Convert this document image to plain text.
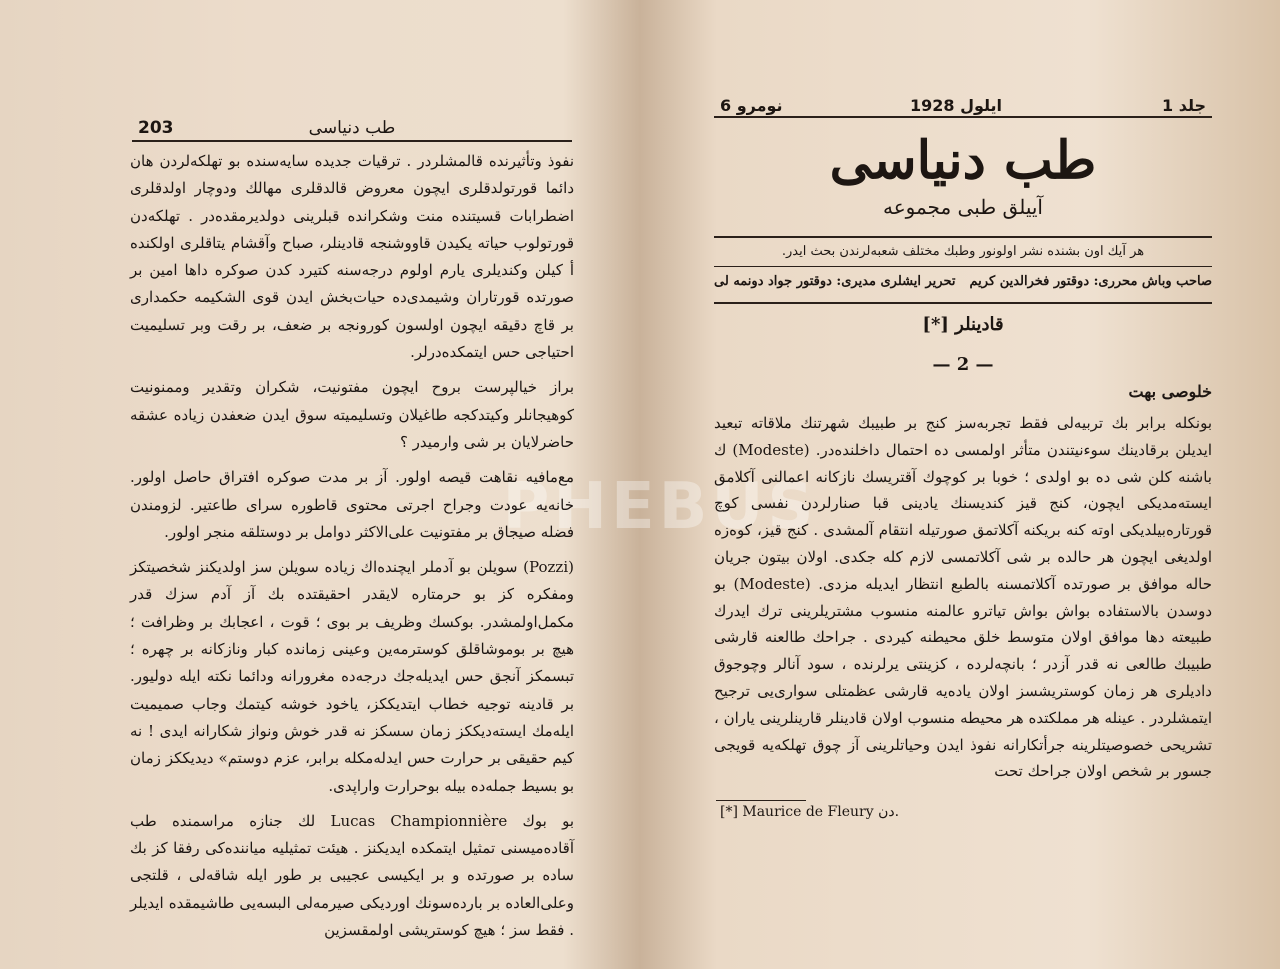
PHEBUS
203	طب دنیاسی

نفوذ وتأثیرنده قالمشلردر . ترقیات جدیده سایه‌سنده بو تهلکه‌لردن هان دائما قورتولدقلری ایچون معروض قالدقلری مهالك ودوچار اولدقلری اضطرابات قسیتنده منت وشکرانده قبلرینی دولدیرمقده‌در . تهلکه‌دن قورتولوب حیاته یکیدن قاووشنجه قادینلر، صباح وآقشام یتاقلری اولکنده أ کیلن وکندیلری یارم اولوم درجه‌سنه کتیرد کدن صوکره داها امین بر صورتده قورتاران وشیمدی‌ده حیات‌بخش ایدن قوی الشکیمه حکمداری بر قاچ دقیقه ایچون اولسون کورونجه بر ضعف، بر رقت وبر تسلیمیت احتیاجی حس ایتمکده‌درلر.

براز خیالپرست بروح ایچون مفتونیت، شکران وتقدیر وممنونیت کوهیجانلر وکیتدکجه طاغیلان وتسلیمیته سوق ایدن ضعفدن زیاده عشقه حاضرلایان بر شی وارمیدر ؟

مع‌مافیه نقاهت قیصه اولور. آز بر مدت صوکره افتراق حاصل اولور. خانه‌یه عودت وجراح اجرتی محتوی قاطوره سرای طاعتیر. لزومندن فضله صیجاق بر مفتونیت علی‌الاکثر دوامل بر دوستلقه منجر اولور.

(Pozzi) سویلن بو آدملر ایچنده‌اك زیاده سویلن سز اولدیکنز شخصیتکز ومفکره کز بو حرمتاره لایقدر احقیقتده بك آز آدم سزك قدر مکمل‌اولمشدر. بوکسك وظریف بر بوی ؛ قوت ، اعجابك بر وظرافت ؛ هیچ بر بوموشاقلق کوسترمه‌ین وعینی زمانده کبار ونازکانه بر چهره ؛ تبسمکز آنجق حس ایدیله‌جك درجه‌ده مغرورانه ودائما نکته ایله دولیور. بر قادینه توجیه خطاب ایتدیککز، یاخود خوشه کیتمك وجاب صمیمیت ایله‌مك ایسته‌دیککز زمان سسکز نه قدر خوش ونواز شکارانه ایدی ! نه کیم حقیقی بر حرارت حس ایدله‌مکله برابر، عزم دوستم» دیدیککز زمان بو بسیط جمله‌ده بیله بوحرارت واراپدی.

بو بوك Lucas Championnière لك جنازه مراسمنده طب آقاده‌میسنی تمثیل ایتمکده ایدیکنز . هیئت تمثیلیه میاننده‌کی رفقا کز بك ساده بر صورتده و بر ایکیسی عجیبی بر طور ایله شاقه‌لی ، قلتجی وعلی‌العاده بر بارده‌سونك اوردیکی صیرمه‌لی البسه‌یی طاشیمقده ایدیلر . فقط سز ؛ هیچ کوستریشی اولمقسزین

نومرو 6	ایلول 1928	جلد 1
طب دنیاسی
آییلق طبی مجموعه
هر آیك اون بشنده نشر اولونور وطبك مختلف شعبه‌لرندن بحث ایدر.
صاحب وباش محرری: دوقتور فخرالدین کریم
تحریر ایشلری مدیری: دوقتور جواد دونمه لی
قادینلر [*]
— 2 —
خلوصی بهت

بونکله برابر بك تربیه‌لی فقط تجربه‌سز کنج بر طبیبك شهرتنك ملاقاته تبعید ایدیلن برقادینك سوءنیتندن متأثر اولمسی ده احتمال داخلنده‌در. (Modeste) ك باشنه کلن شی ده بو اولدی ؛ خوبا بر کوچوك آقتریسك نازکانه اعمالنی آکلامق ایسته‌مدیکی ایچون، کنج قیز کندیسنك یادینی قبا صنارلردن نفسی کوچ قورتاره‌بیلدیکی اوته کنه بریکنه آکلاتمق صورتیله انتقام آلمشدی . کنج قیز، کوه‌زه اولدیغی ایچون هر حالده بر شی آکلاتمسی لازم کله جکدی. اولان بیتون جریان حاله موافق بر صورتده آکلاتمسنه بالطبع انتظار ایدیله مزدی. (Modeste) بو دوسدن بالاستفاده بواش بواش تیاترو عالمنه منسوب مشتریلرینی ترك ایدرك طبیعته دها موافق اولان متوسط خلق محیطنه کیردی . جراحك طالعنه قارشی طبیبك طالعی نه قدر آزدر ؛ بانچه‌لرده ، کزینتی یرلرنده ، سود آنالر وچوجوق دادیلری هر زمان کوستریشسز اولان یاده‌یه قارشی عظمتلی سواری‌یی ترجیح ایتمشلردر . عینله هر مملکتده هر محیطه منسوب اولان قادینلر قارینلرینی یاران ، تشریحی خصوصیتلرینه جرأتکارانه نفوذ ایدن وحیاتلرینی آز چوق تهلکه‌یه قویجی جسور بر شخص اولان جراحك تحت

[*] Maurice de Fleury دن.
